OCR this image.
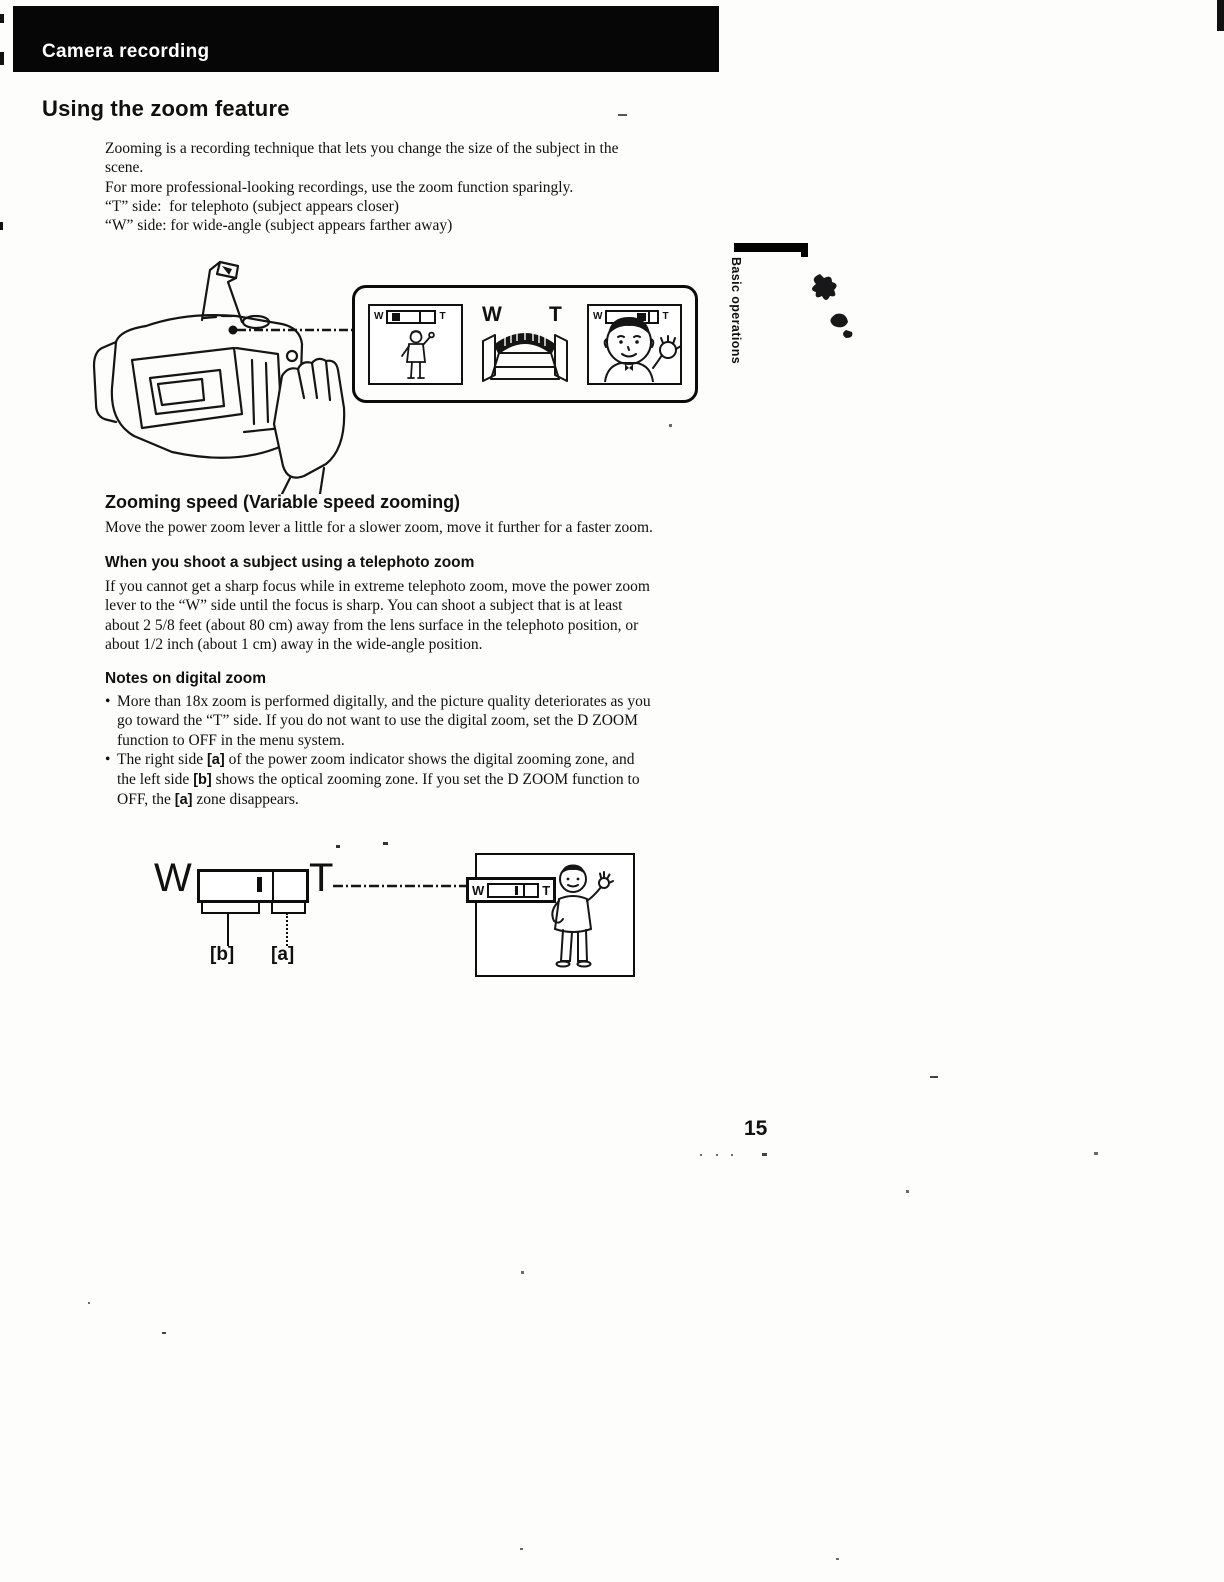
Camera recording
Using the zoom feature
Zooming is a recording technique that lets you change the size of the subject in the
scene.
For more professional-looking recordings, use the zoom function sparingly.
“T” side:  for telephoto (subject appears closer)
“W” side: for wide-angle (subject appears farther away)
W	T W T	W	T	Basic operations
Zooming speed (Variable speed zooming)
Move the power zoom lever a little for a slower zoom, move it further for a faster zoom.
When you shoot a subject using a telephoto zoom
If you cannot get a sharp focus while in extreme telephoto zoom, move the power zoom
lever to the “W” side until the focus is sharp. You can shoot a subject that is at least
about 2 5/8 feet (about 80 cm) away from the lens surface in the telephoto position, or
about 1/2 inch (about 1 cm) away in the wide-angle position.
Notes on digital zoom
• More than 18x zoom is performed digitally, and the picture quality deteriorates as you
go toward the “T” side. If you do not want to use the digital zoom, set the D ZOOM
function to OFF in the menu system.
• The right side [a] of the power zoom indicator shows the digital zooming zone, and
the left side [b] shows the optical zooming zone. If you set the D ZOOM function to
OFF, the [a] zone disappears.
W	T
[b] [a]
W	T
15
